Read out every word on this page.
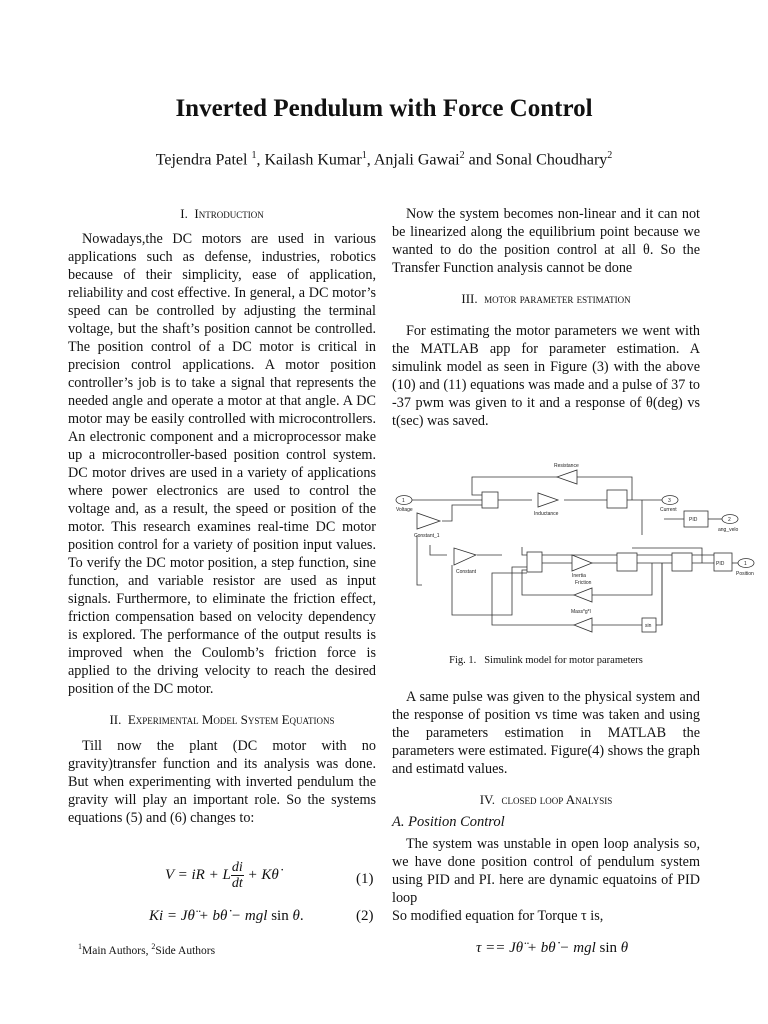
Inverted Pendulum with Force Control
Tejendra Patel $^1$, Kailash Kumar$^1$, Anjali Gawai$^2$ and Sonal Choudhary$^2$
I. Introduction

Nowadays,the DC motors are used in various applications such as defense, industries, robotics because of their simplicity, ease of application, reliability and cost effective. In general, a DC motor’s speed can be controlled by adjusting the terminal voltage, but the shaft’s position cannot be controlled. The position control of a DC motor is critical in precision control applications. A motor position controller’s job is to take a signal that represents the needed angle and operate a motor at that angle. A DC motor may be easily controlled with microcontrollers. An electronic component and a microprocessor make up a microcontroller-based position control system. DC motor drives are used in a variety of applications where power electronics are used to control the voltage and, as a result, the speed or position of the motor. This research examines real-time DC motor position control for a variety of position input values. To verify the DC motor position, a step function, sine function, and variable resistor are used as input signals. Furthermore, to eliminate the friction effect, friction compensation based on velocity dependency is explored. The performance of the output results is improved when the Coulomb’s friction force is applied to the driving velocity to reach the desired position of the DC motor.

II. Experimental Model System Equations

Till now the plant (DC motor with no gravity)transfer function and its analysis was done. But when experimenting with inverted pendulum the gravity will play an important role. So the systems equations (5) and (6) changes to:

V = iR + L $\frac{di}{dt}$ + Kθ̇	(1)
Ki = Jθ̈ + bθ̇ − mgl sin θ.	(2)
$^1$Main Authors, $^2$Side Authors

Now the system becomes non-linear and it can not be linearized along the equilibrium point because we wanted to do the position control at all θ. So the Transfer Function analysis cannot be done

III. motor parameter estimation

For estimating the motor parameters we went with the MATLAB app for parameter estimation. A simulink model as seen in Figure (3) with the above (10) and (11) equations was made and a pulse of 37 to -37 pwm was given to it and a response of θ(deg) vs t(sec) was saved.

Resistance
1
Voltage
Inductance
3
Current
Constant_1
PID	2
ang_velo
Constant
Inertia
Friction
Mass*g*l
PID	1
Position
sin
Fig. 1. Simulink model for motor parameters

A same pulse was given to the physical system and the response of position vs time was taken and using the parameters estimation in MATLAB the parameters were estimated. Figure(4) shows the graph and estimatd values.

IV. closed loop Analysis
A. Position Control

The system was unstable in open loop analysis so, we have done position control of pendulum system using PID and PI. here are dynamic equatoins of PID loop

So modified equation for Torque τ is,
τ == Jθ̈ + bθ̇ − mgl sin θ
